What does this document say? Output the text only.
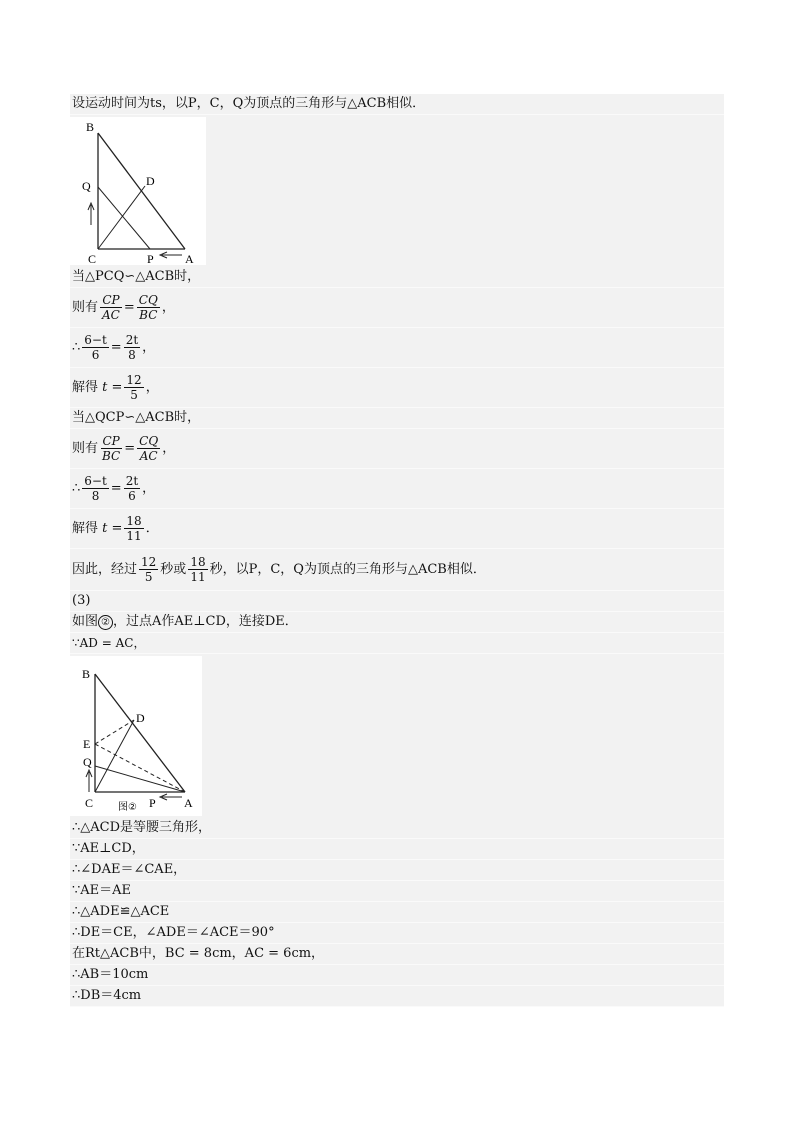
设运动时间为ts，以P，C，Q为顶点的三角形与△ACB相似．
B
Q	D
C	P	A
当△PCQ∽△ACB时，
则有 $\frac{CP}{AC} = \frac{CQ}{BC}$ ，
∴ $\frac{6-t}{6} = \frac{2t}{8}$ ，
解得 $t = \frac{12}{5}$ ，
当△QCP∽△ACB时，
则有 $\frac{CP}{BC} = \frac{CQ}{AC}$ ，
∴ $\frac{6-t}{8} = \frac{2t}{6}$ ，
解得 $t = \frac{18}{11}$ ．
因此，经过 $\frac{12}{5}$ 秒或 $\frac{18}{11}$ 秒，以P，C，Q为顶点的三角形与△ACB相似．
(3)
如图 ② ，过点A作AE⊥CD，连接DE．
∵AD = AC，
B
D
E
Q
C	P A
图②
∴△ACD是等腰三角形，
∵AE⊥CD，
∴∠DAE＝∠CAE，
∵AE＝AE
∴△ADE≌△ACE
∴DE＝CE，∠ADE＝∠ACE＝90°
在Rt△ACB中，BC = 8cm，AC = 6cm，
∴AB＝10cm
∴DB＝4cm
